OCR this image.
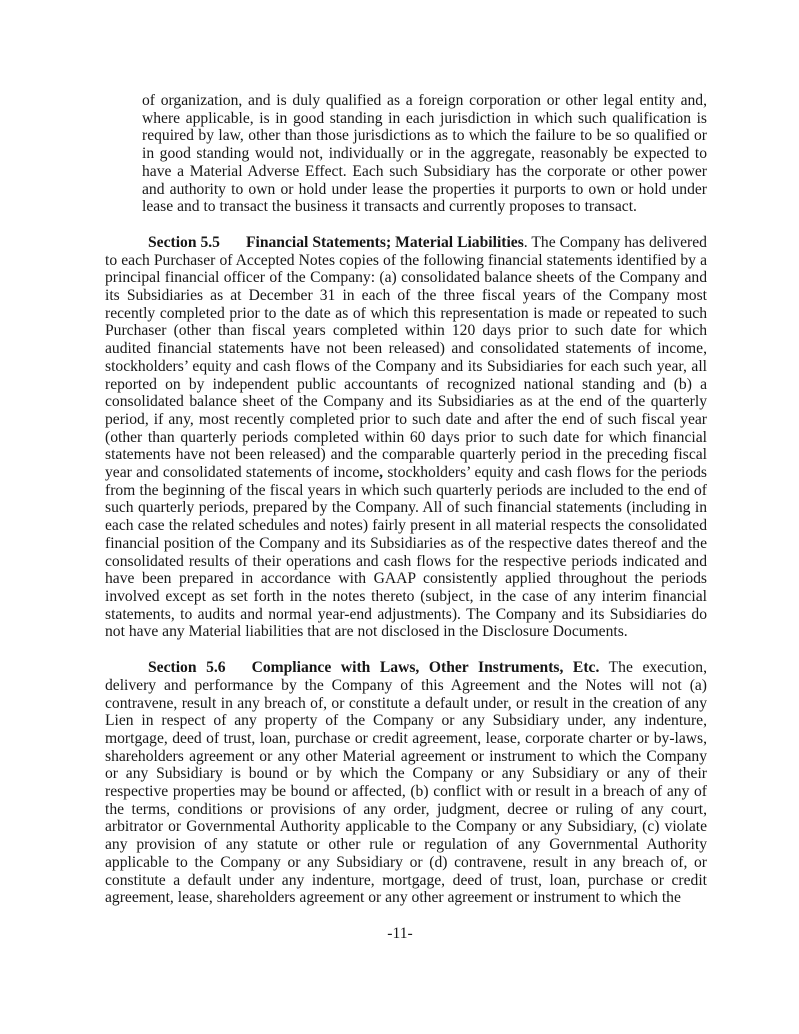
of organization, and is duly qualified as a foreign corporation or other legal entity and, where applicable, is in good standing in each jurisdiction in which such qualification is required by law, other than those jurisdictions as to which the failure to be so qualified or in good standing would not, individually or in the aggregate, reasonably be expected to have a Material Adverse Effect. Each such Subsidiary has the corporate or other power and authority to own or hold under lease the properties it purports to own or hold under lease and to transact the business it transacts and currently proposes to transact.

Section 5.5 Financial Statements; Material Liabilities. The Company has delivered to each Purchaser of Accepted Notes copies of the following financial statements identified by a principal financial officer of the Company: (a) consolidated balance sheets of the Company and its Subsidiaries as at December 31 in each of the three fiscal years of the Company most recently completed prior to the date as of which this representation is made or repeated to such Purchaser (other than fiscal years completed within 120 days prior to such date for which audited financial statements have not been released) and consolidated statements of income, stockholders’ equity and cash flows of the Company and its Subsidiaries for each such year, all reported on by independent public accountants of recognized national standing and (b) a consolidated balance sheet of the Company and its Subsidiaries as at the end of the quarterly period, if any, most recently completed prior to such date and after the end of such fiscal year (other than quarterly periods completed within 60 days prior to such date for which financial statements have not been released) and the comparable quarterly period in the preceding fiscal year and consolidated statements of income, stockholders’ equity and cash flows for the periods from the beginning of the fiscal years in which such quarterly periods are included to the end of such quarterly periods, prepared by the Company. All of such financial statements (including in each case the related schedules and notes) fairly present in all material respects the consolidated financial position of the Company and its Subsidiaries as of the respective dates thereof and the consolidated results of their operations and cash flows for the respective periods indicated and have been prepared in accordance with GAAP consistently applied throughout the periods involved except as set forth in the notes thereto (subject, in the case of any interim financial statements, to audits and normal year-end adjustments). The Company and its Subsidiaries do not have any Material liabilities that are not disclosed in the Disclosure Documents.

Section 5.6 Compliance with Laws, Other Instruments, Etc. The execution, delivery and performance by the Company of this Agreement and the Notes will not (a) contravene, result in any breach of, or constitute a default under, or result in the creation of any Lien in respect of any property of the Company or any Subsidiary under, any indenture, mortgage, deed of trust, loan, purchase or credit agreement, lease, corporate charter or by-laws, shareholders agreement or any other Material agreement or instrument to which the Company or any Subsidiary is bound or by which the Company or any Subsidiary or any of their respective properties may be bound or affected, (b) conflict with or result in a breach of any of the terms, conditions or provisions of any order, judgment, decree or ruling of any court, arbitrator or Governmental Authority applicable to the Company or any Subsidiary, (c) violate any provision of any statute or other rule or regulation of any Governmental Authority applicable to the Company or any Subsidiary or (d) contravene, result in any breach of, or constitute a default under any indenture, mortgage, deed of trust, loan, purchase or credit agreement, lease, shareholders agreement or any other agreement or instrument to which the

-11-
